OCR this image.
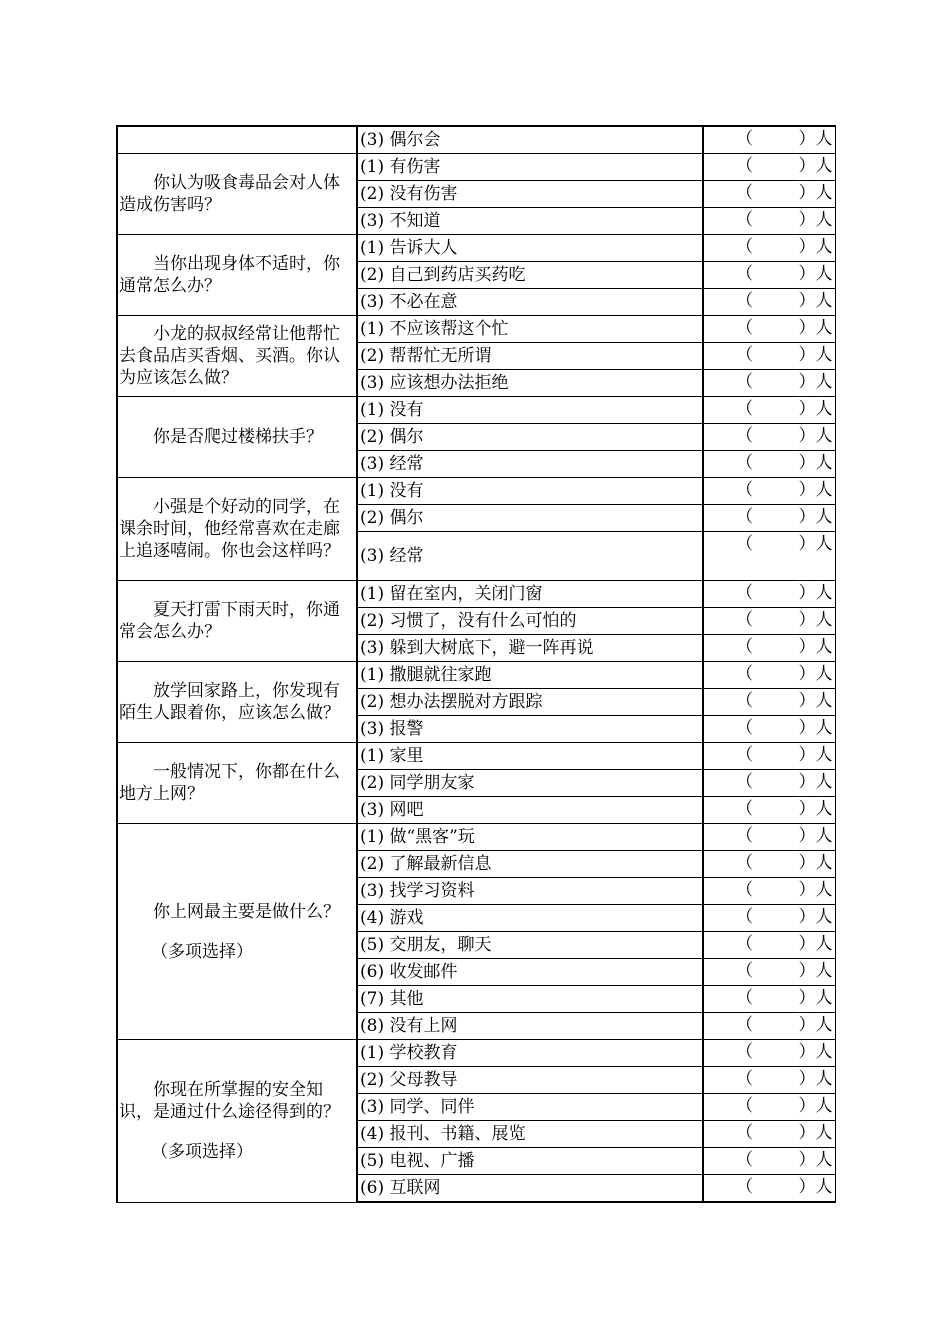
	(3) 偶尔会	（ ）人

你认为吸食毒品会对人体造成伤害吗？	(1) 有伤害	（ ）人

	(2) 没有伤害	（ ）人

	(3) 不知道	（ ）人

当你出现身体不适时，你通常怎么办？	(1) 告诉大人	（ ）人

	(2) 自己到药店买药吃	（ ）人

	(3) 不必在意	（ ）人

小龙的叔叔经常让他帮忙去食品店买香烟、买酒。你认为应该怎么做？	(1) 不应该帮这个忙	（ ）人

	(2) 帮帮忙无所谓	（ ）人

	(3) 应该想办法拒绝	（ ）人

你是否爬过楼梯扶手？	(1) 没有	（ ）人

	(2) 偶尔	（ ）人

	(3) 经常	（ ）人

小强是个好动的同学，在课余时间，他经常喜欢在走廊上追逐嘻闹。你也会这样吗？	(1) 没有	（ ）人

	(2) 偶尔	（ ）人

	(3) 经常	（ ）人

夏天打雷下雨天时，你通常会怎么办？	(1) 留在室内，关闭门窗	（ ）人

	(2) 习惯了，没有什么可怕的	（ ）人

	(3) 躲到大树底下，避一阵再说	（ ）人

放学回家路上，你发现有陌生人跟着你，应该怎么做？	(1) 撒腿就往家跑	（ ）人

	(2) 想办法摆脱对方跟踪	（ ）人

	(3) 报警	（ ）人

一般情况下，你都在什么地方上网？	(1) 家里	（ ）人

	(2) 同学朋友家	（ ）人

	(3) 网吧	（ ）人

你上网最主要是做什么？
（多项选择）	(1) 做“黑客”玩	（ ）人

	(2) 了解最新信息	（ ）人

	(3) 找学习资料	（ ）人

	(4) 游戏	（ ）人

	(5) 交朋友，聊天	（ ）人

	(6) 收发邮件	（ ）人

	(7) 其他	（ ）人

	(8) 没有上网	（ ）人

你现在所掌握的安全知识，是通过什么途径得到的？
（多项选择）	(1) 学校教育	（ ）人

	(2) 父母教导	（ ）人

	(3) 同学、同伴	（ ）人

	(4) 报刊、书籍、展览	（ ）人

	(5) 电视、广播	（ ）人

	(6) 互联网	（ ）人
